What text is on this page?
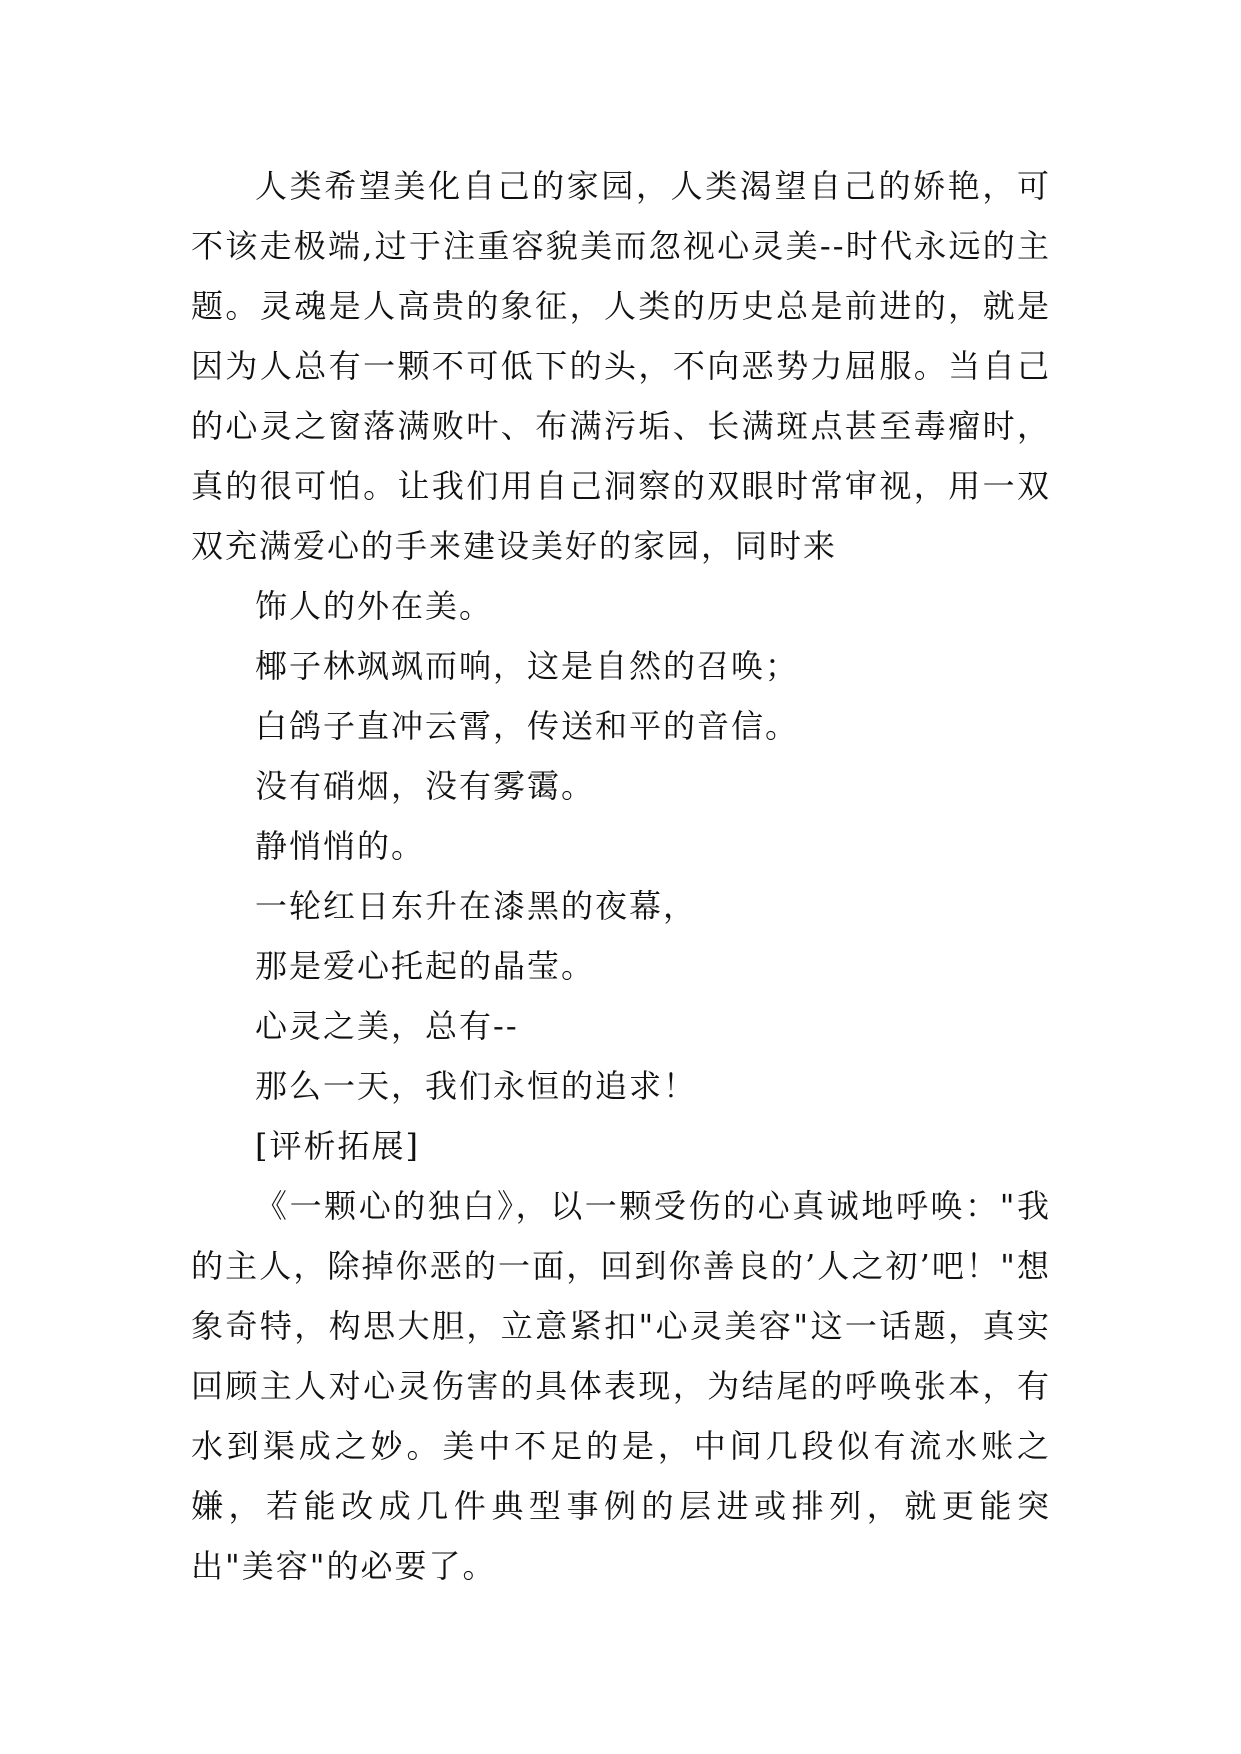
人类希望美化自己的家园，人类渴望自己的娇艳，可不该走极端,过于注重容貌美而忽视心灵美--时代永远的主题。灵魂是人高贵的象征，人类的历史总是前进的，就是因为人总有一颗不可低下的头，不向恶势力屈服。当自己的心灵之窗落满败叶、布满污垢、长满斑点甚至毒瘤时，真的很可怕。让我们用自己洞察的双眼时常审视，用一双双充满爱心的手来建设美好的家园，同时来

饰人的外在美。

椰子林飒飒而响，这是自然的召唤；

白鸽子直冲云霄，传送和平的音信。

没有硝烟，没有雾霭。

静悄悄的。

一轮红日东升在漆黑的夜幕，

那是爱心托起的晶莹。

心灵之美，总有--

那么一天，我们永恒的追求！

[评析拓展]

《一颗心的独白》，以一颗受伤的心真诚地呼唤："我的主人，除掉你恶的一面，回到你善良的’人之初’吧！"想象奇特，构思大胆，立意紧扣"心灵美容"这一话题，真实回顾主人对心灵伤害的具体表现，为结尾的呼唤张本，有水到渠成之妙。美中不足的是，中间几段似有流水账之嫌，若能改成几件典型事例的层进或排列，就更能突出"美容"的必要了。
